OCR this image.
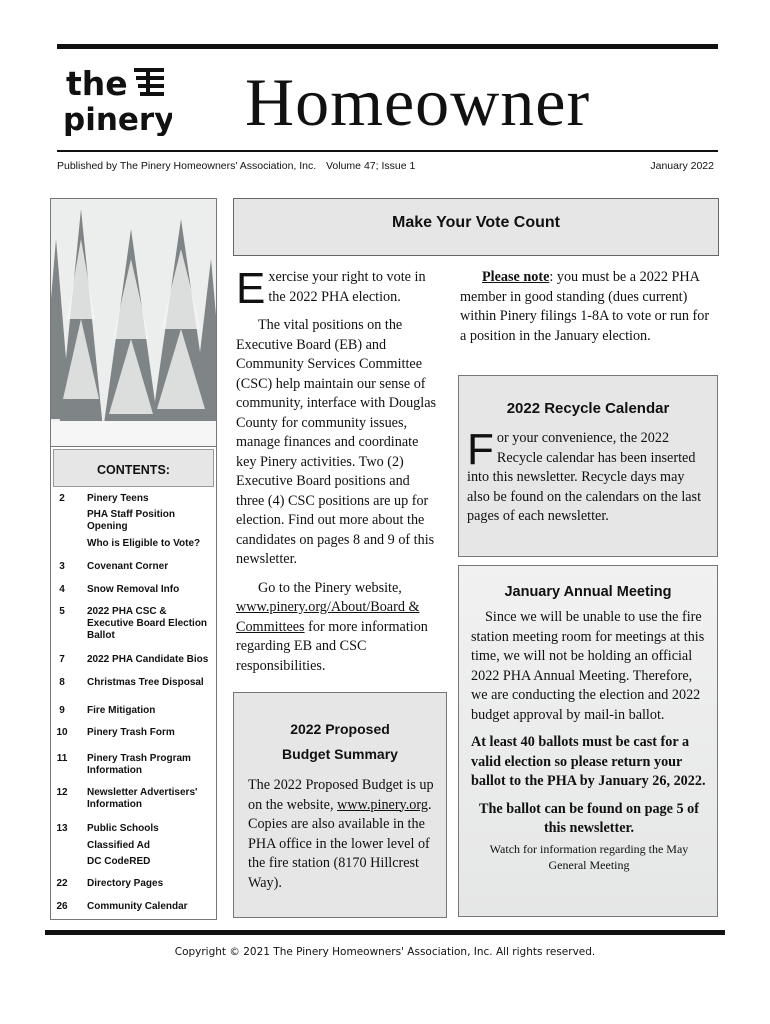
the
pinery Homeowner
Published by The Pinery Homeowners' Association, Inc. Volume 47; Issue 1	January 2022
CONTENTS:
2	Pinery Teens
PHA Staff Position Opening
Who is Eligible to Vote?
3	Covenant Corner
4	Snow Removal Info
5	2022 PHA CSC & Executive Board Election Ballot
7	2022 PHA Candidate Bios
8	Christmas Tree Disposal
9	Fire Mitigation
10	Pinery Trash Form
11	Pinery Trash Program Information
12	Newsletter Advertisers' Information
13	Public Schools
Classified Ad
DC CodeRED
22	Directory Pages
26	Community Calendar
Make Your Vote Count

E xercise your right to vote in the 2022 PHA election.

The vital positions on the Executive Board (EB) and Community Services Committee (CSC) help maintain our sense of community, interface with Douglas County for community issues, manage finances and coordinate key Pinery activities. Two (2) Executive Board positions and three (4) CSC positions are up for election. Find out more about the candidates on pages 8 and 9 of this newsletter.

Go to the Pinery website, www.pinery.org/About/Board & Committees for more information regarding EB and CSC responsibilities.

2022 Proposed
Budget Summary

The 2022 Proposed Budget is up on the website, www.pinery.org. Copies are also available in the PHA office in the lower level of the fire station (8170 Hillcrest Way).

Please note: you must be a 2022 PHA member in good standing (dues current) within Pinery filings 1-8A to vote or run for a position in the January election.

2022 Recycle Calendar

For your convenience, the 2022 Recycle calendar has been inserted into this newsletter. Recycle days may also be found on the calendars on the last pages of each newsletter.

January Annual Meeting

Since we will be unable to use the fire station meeting room for meetings at this time, we will not be holding an official 2022 PHA Annual Meeting. Therefore, we are conducting the election and 2022 budget approval by mail-in ballot.

At least 40 ballots must be cast for a valid election so please return your ballot to the PHA by January 26, 2022.

The ballot can be found on page 5 of this newsletter.

Watch for information regarding the May General Meeting

Copyright © 2021 The Pinery Homeowners' Association, Inc. All rights reserved.
